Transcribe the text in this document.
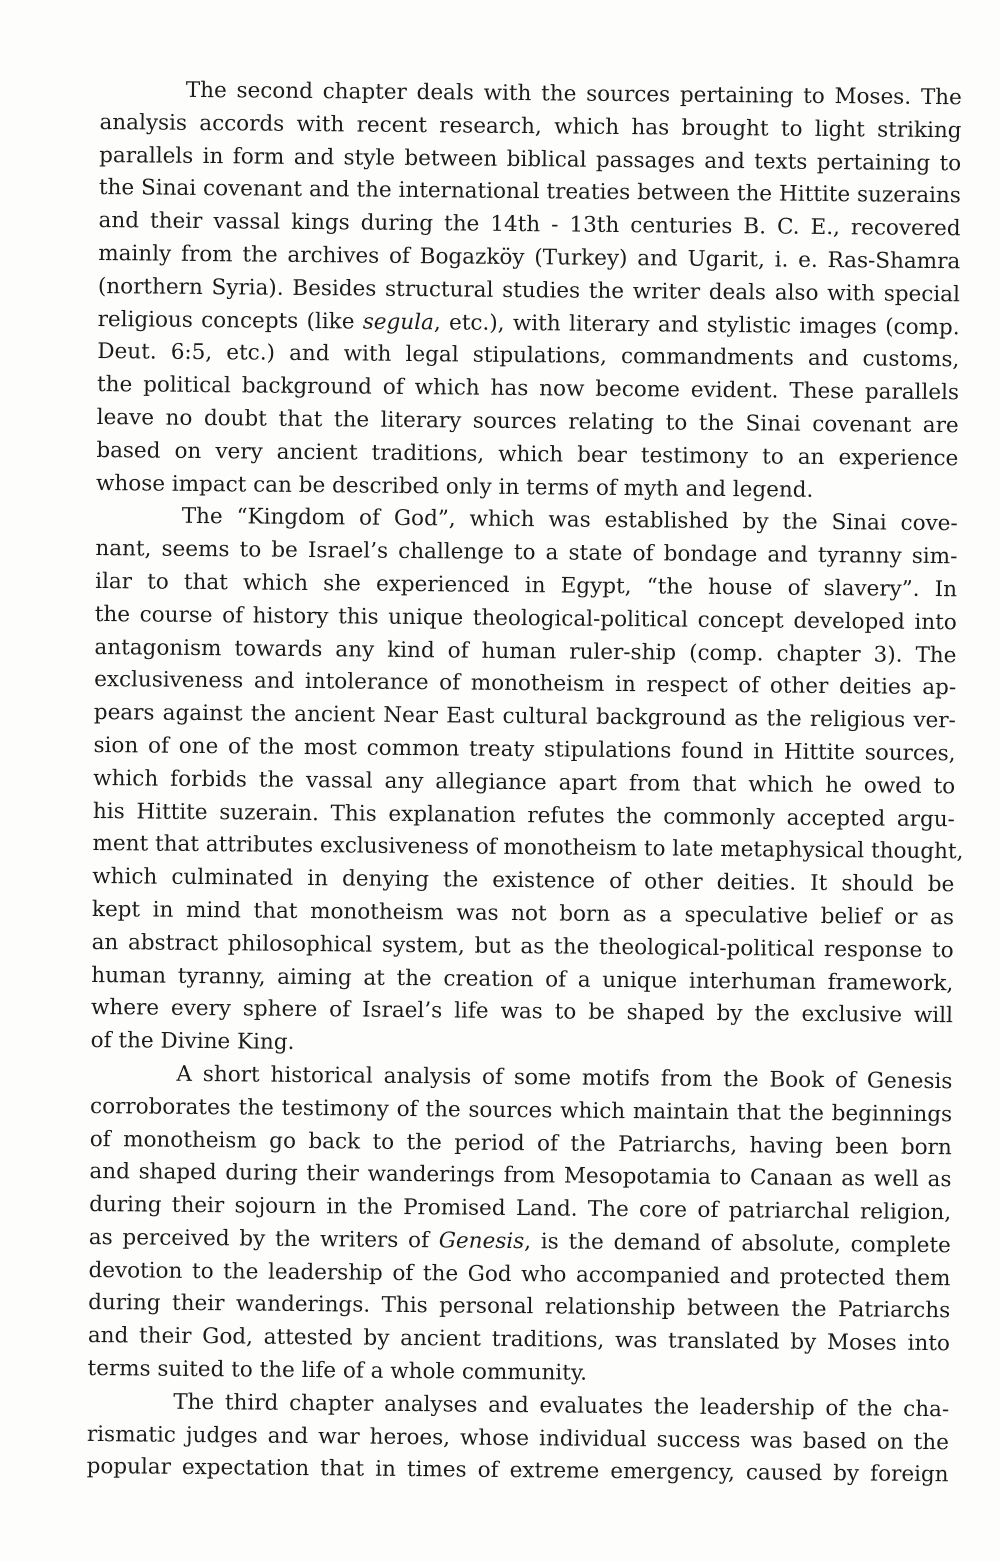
The second chapter deals with the sources pertaining to Moses. The
analysis accords with recent research, which has brought to light striking
parallels in form and style between biblical passages and texts pertaining to
the Sinai covenant and the international treaties between the Hittite suzerains
and their vassal kings during the 14th - 13th centuries B. C. E., recovered
mainly from the archives of Bogazköy (Turkey) and Ugarit, i. e. Ras-Shamra
(northern Syria). Besides structural studies the writer deals also with special
religious concepts (like segula, etc.), with literary and stylistic images (comp.
Deut. 6:5, etc.) and with legal stipulations, commandments and customs,
the political background of which has now become evident. These parallels
leave no doubt that the literary sources relating to the Sinai covenant are
based on very ancient traditions, which bear testimony to an experience
whose impact can be described only in terms of myth and legend.
The “Kingdom of God”, which was established by the Sinai cove-
nant, seems to be Israel’s challenge to a state of bondage and tyranny sim-
ilar to that which she experienced in Egypt, “the house of slavery”. In
the course of history this unique theological-political concept developed into
antagonism towards any kind of human ruler-ship (comp. chapter 3). The
exclusiveness and intolerance of monotheism in respect of other deities ap-
pears against the ancient Near East cultural background as the religious ver-
sion of one of the most common treaty stipulations found in Hittite sources,
which forbids the vassal any allegiance apart from that which he owed to
his Hittite suzerain. This explanation refutes the commonly accepted argu-
ment that attributes exclusiveness of monotheism to late metaphysical thought,
which culminated in denying the existence of other deities. It should be
kept in mind that monotheism was not born as a speculative belief or as
an abstract philosophical system, but as the theological-political response to
human tyranny, aiming at the creation of a unique interhuman framework,
where every sphere of Israel’s life was to be shaped by the exclusive will
of the Divine King.
A short historical analysis of some motifs from the Book of Genesis
corroborates the testimony of the sources which maintain that the beginnings
of monotheism go back to the period of the Patriarchs, having been born
and shaped during their wanderings from Mesopotamia to Canaan as well as
during their sojourn in the Promised Land. The core of patriarchal religion,
as perceived by the writers of Genesis, is the demand of absolute, complete
devotion to the leadership of the God who accompanied and protected them
during their wanderings. This personal relationship between the Patriarchs
and their God, attested by ancient traditions, was translated by Moses into
terms suited to the life of a whole community.
The third chapter analyses and evaluates the leadership of the cha-
rismatic judges and war heroes, whose individual success was based on the
popular expectation that in times of extreme emergency, caused by foreign
